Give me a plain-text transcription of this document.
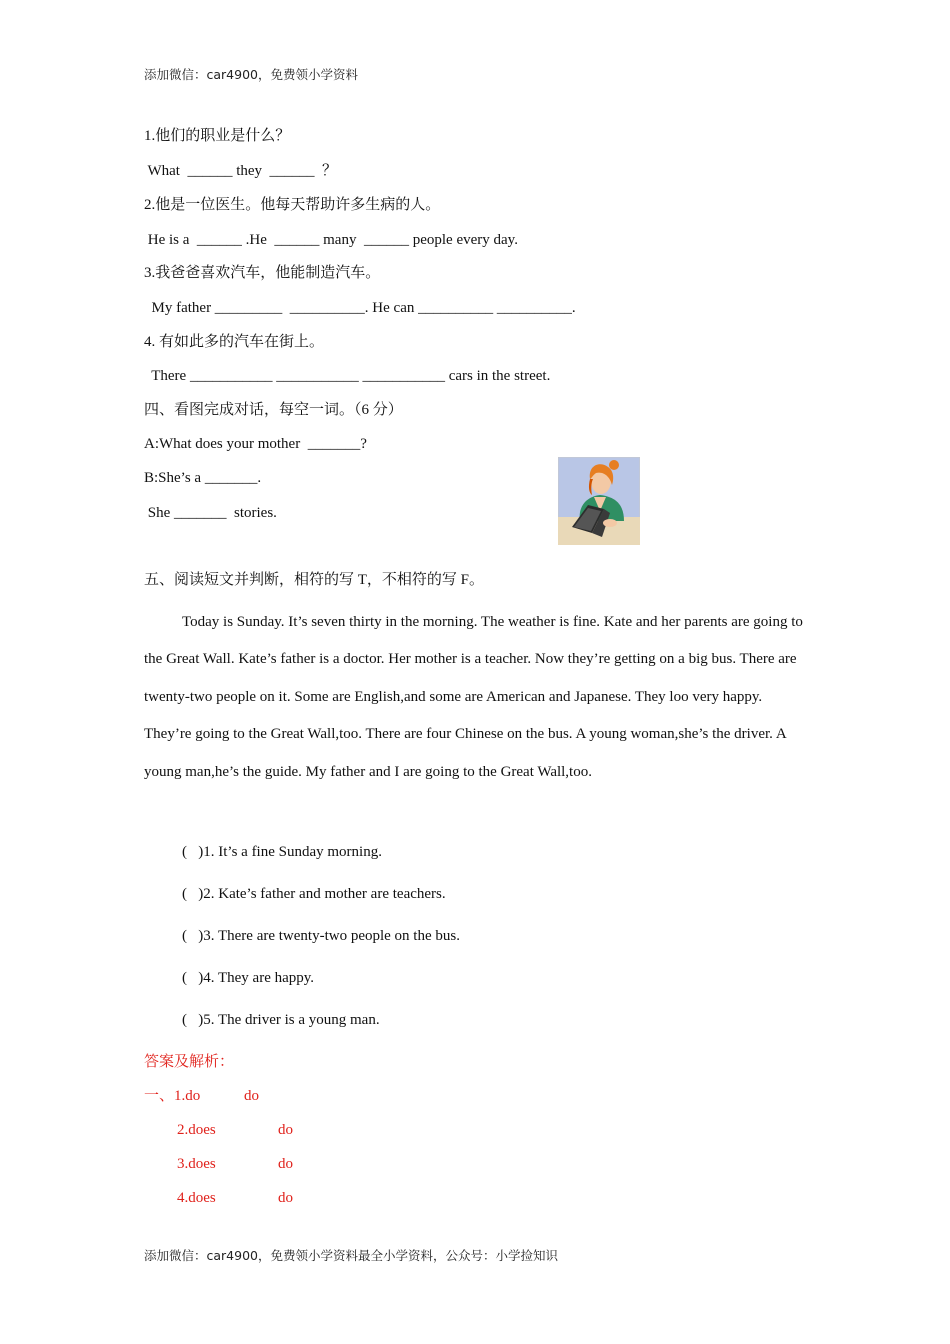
添加微信：car4900，免费领小学资料
1.他们的职业是什么？
What  ______ they  ______  ？
2.他是一位医生。他每天帮助许多生病的人。
He is a  ______ .He  ______ many  ______ people every day.
3.我爸爸喜欢汽车，他能制造汽车。
My father _________  __________. He can __________ __________.
4. 有如此多的汽车在街上。
There ___________ ___________ ___________ cars in the street.
四、看图完成对话，每空一词。（6 分）
A:What does your mother  _______?
B:She’s a _______.
She _______  stories.
五、阅读短文并判断，相符的写 T，不相符的写 F。
Today is Sunday. It’s seven thirty in the morning. The weather is fine. Kate and her parents are going to the Great Wall. Kate’s father is a doctor. Her mother is a teacher. Now they’re getting on a big bus. There are twenty-two people on it. Some are English,and some are American and Japanese. They loo very happy. They’re going to the Great Wall,too. There are four Chinese on the bus. A young woman,she’s the driver. A young man,he’s the guide. My father and I are going to the Great Wall,too.
(   )1. It’s a fine Sunday morning.
(   )2. Kate’s father and mother are teachers.
(   )3. There are twenty-two people on the bus.
(   )4. They are happy.
(   )5. The driver is a young man.
答案及解析：
一、1.do	do
2.does	do
3.does	do
4.does	do
添加微信：car4900，免费领小学资料最全小学资料，公众号：小学捡知识
